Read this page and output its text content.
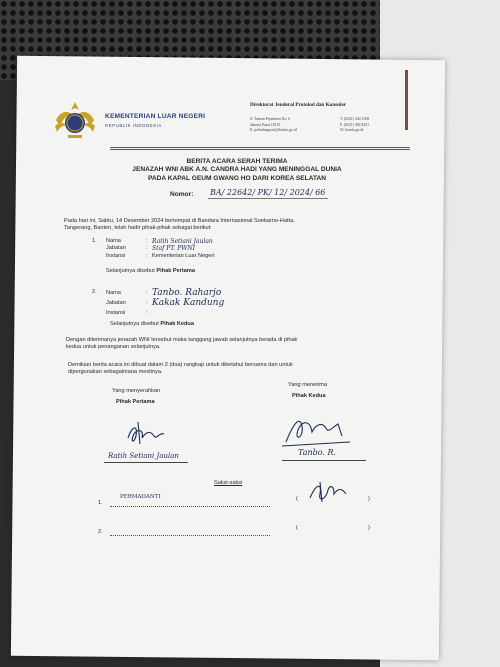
KEMENTERIAN LUAR NEGERI
REPUBLIK INDONESIA
Direktorat Jenderal Protokol dan Konsuler
Jl. Taman Pejambon No. 6
Jakarta Pusat 10110
E. pelindungwni@kemlu.go.id
T. (0221) 344 1508
F. (0221) 384 8431
W. kemlu.go.id
BERITA ACARA SERAH TERIMA
JENAZAH WNI ABK A.N. CANDRA HADI YANG MENINGGAL DUNIA
PADA KAPAL GEUM GWANG HO DARI KOREA SELATAN
Nomor: BA/ 22642/ PK/ 12/ 2024/ 66
Pada hari ini, Sabtu, 14 Desember 2024 bertempat di Bandara Internasional Soekarno-Hatta,
Tangerang, Banten, telah hadir pihak-pihak sebagai berikut:
1. Nama	: Ratih Setiani Jaulan
Jabatan	: Staf PT. PWNI
Instansi	: Kementerian Luar Negeri
Selanjutnya disebut Pihak Pertama
2. Nama	: Tanbo. Raharjo
Jabatan	: Kakak Kandung
Instansi	:
Selanjutnya disebut Pihak Kedua
Dengan diterimanya jenazah WNI tersebut maka tanggung jawab selanjutnya berada di pihak
kedua untuk penanganan selanjutnya.
Demikian berita acara ini dibuat dalam 2 (dua) rangkap untuk diketahui bersama dan untuk
dipergunakan sebagaimana mestinya.
Yang menyerahkan
Pihak Pertama
Yang menerima
Pihak Kedua
Ratih Setiani Jaulan	Tanbo. R.
Saksi-saksi
1.
PERMADANTI	(	)
2.
(	)
